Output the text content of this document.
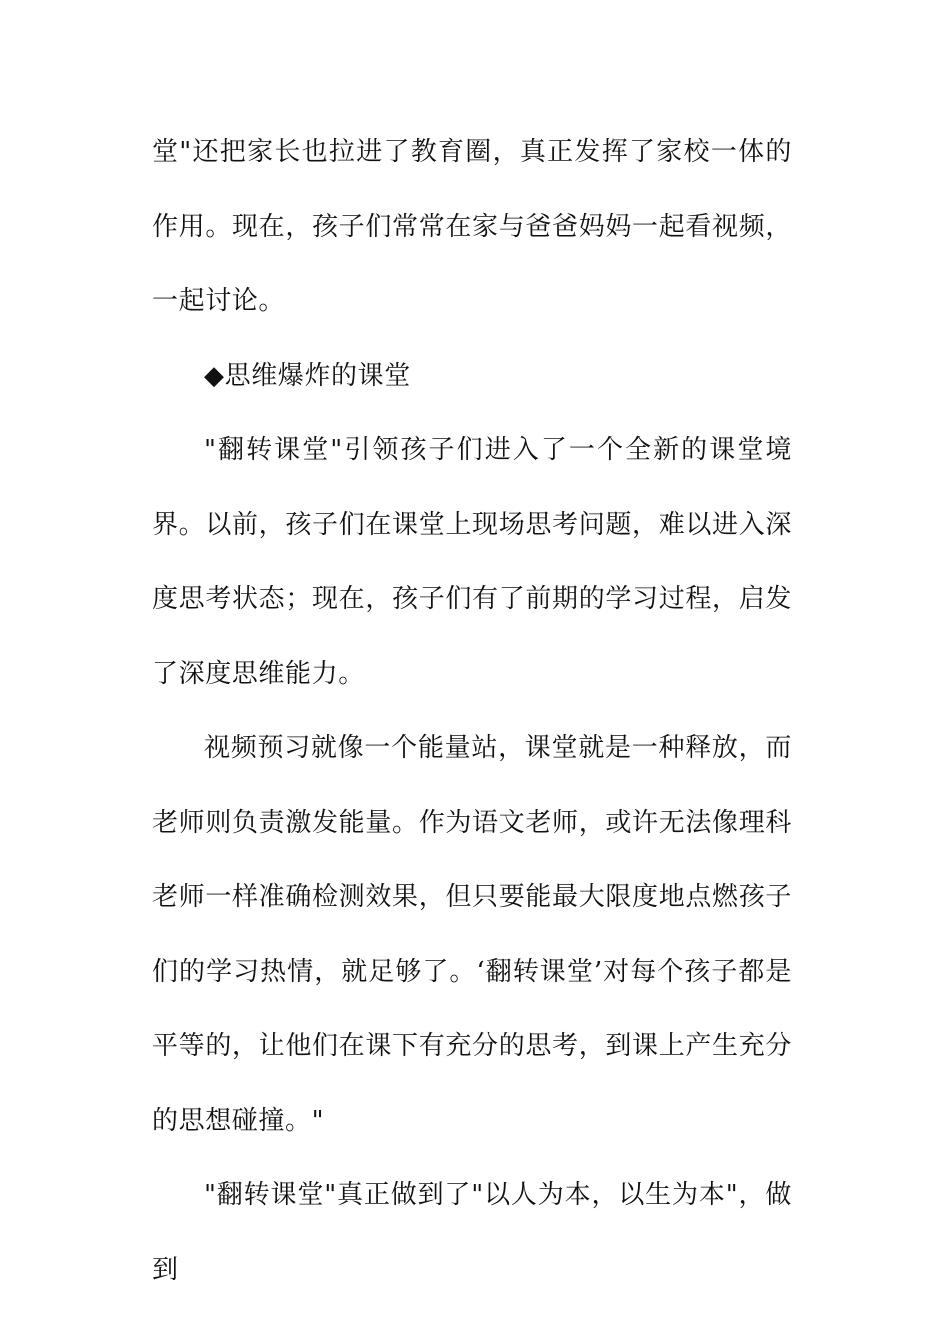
堂"还把家长也拉进了教育圈，真正发挥了家校一体的作用。现在，孩子们常常在家与爸爸妈妈一起看视频，一起讨论。

◆思维爆炸的课堂

"翻转课堂"引领孩子们进入了一个全新的课堂境界。以前，孩子们在课堂上现场思考问题，难以进入深度思考状态；现在，孩子们有了前期的学习过程，启发了深度思维能力。

视频预习就像一个能量站，课堂就是一种释放，而老师则负责激发能量。作为语文老师，或许无法像理科老师一样准确检测效果，但只要能最大限度地点燃孩子们的学习热情，就足够了。‘翻转课堂’对每个孩子都是平等的，让他们在课下有充分的思考，到课上产生充分的思想碰撞。"

"翻转课堂"真正做到了"以人为本，以生为本"，做到
